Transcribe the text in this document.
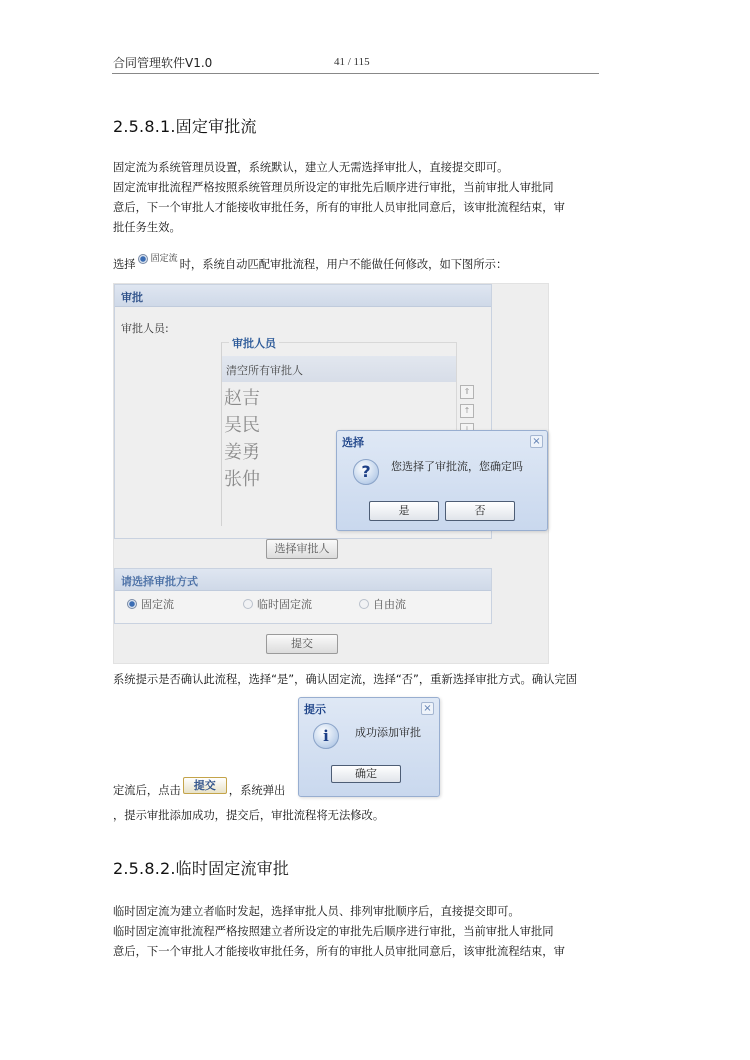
合同管理软件V1.0	41 / 115
2.5.8.1.固定审批流

固定流为系统管理员设置，系统默认，建立人无需选择审批人，直接提交即可。

固定流审批流程严格按照系统管理员所设定的审批先后顺序进行审批，当前审批人审批同

意后，下一个审批人才能接收审批任务，所有的审批人员审批同意后，该审批流程结束，审

批任务生效。

选择 固定流 时，系统自动匹配审批流程，用户不能做任何修改，如下图所示：

审批
审批人员:
审批人员
清空所有审批人
赵吉
吴民
姜勇
张仲
⇑
↑
选择审批人
请选择审批方式
固定流	临时固定流	自由流
提交
选择	×
?	您选择了审批流，您确定吗
是	否

系统提示是否确认此流程，选择“是”，确认固定流，选择“否”，重新选择审批方式。确认完固

定流后，点击 提交 ，系统弹出

提示	×
i	成功添加审批
确定

，提示审批添加成功，提交后，审批流程将无法修改。

2.5.8.2.临时固定流审批

临时固定流为建立者临时发起，选择审批人员、排列审批顺序后，直接提交即可。

临时固定流审批流程严格按照建立者所设定的审批先后顺序进行审批，当前审批人审批同

意后，下一个审批人才能接收审批任务，所有的审批人员审批同意后，该审批流程结束，审
